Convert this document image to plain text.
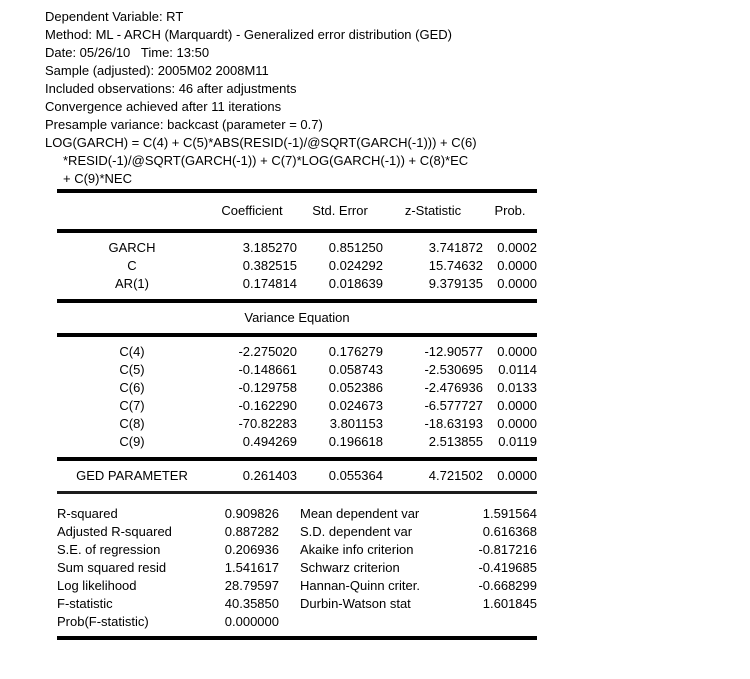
Dependent Variable: RT
Method: ML - ARCH (Marquardt) - Generalized error distribution (GED)
Date: 05/26/10   Time: 13:50
Sample (adjusted): 2005M02 2008M11
Included observations: 46 after adjustments
Convergence achieved after 11 iterations
Presample variance: backcast (parameter = 0.7)
LOG(GARCH) = C(4) + C(5)*ABS(RESID(-1)/@SQRT(GARCH(-1))) + C(6)
*RESID(-1)/@SQRT(GARCH(-1)) + C(7)*LOG(GARCH(-1)) + C(8)*EC
+ C(9)*NEC
	Coefficient	Std. Error	z-Statistic	Prob.
GARCH	3.185270	0.851250	3.741872	0.0002
C	0.382515	0.024292	15.74632	0.0000
AR(1)	0.174814	0.018639	9.379135	0.0000
Variance Equation
C(4)	-2.275020	0.176279	-12.90577	0.0000
C(5)	-0.148661	0.058743	-2.530695	0.0114
C(6)	-0.129758	0.052386	-2.476936	0.0133
C(7)	-0.162290	0.024673	-6.577727	0.0000
C(8)	-70.82283	3.801153	-18.63193	0.0000
C(9)	0.494269	0.196618	2.513855	0.0119
GED PARAMETER	0.261403	0.055364	4.721502	0.0000
R-squared	0.909826	Mean dependent var	1.591564
Adjusted R-squared	0.887282	S.D. dependent var	0.616368
S.E. of regression	0.206936	Akaike info criterion	-0.817216
Sum squared resid	1.541617	Schwarz criterion	-0.419685
Log likelihood	28.79597	Hannan-Quinn criter.	-0.668299
F-statistic	40.35850	Durbin-Watson stat	1.601845
Prob(F-statistic)	0.000000		
